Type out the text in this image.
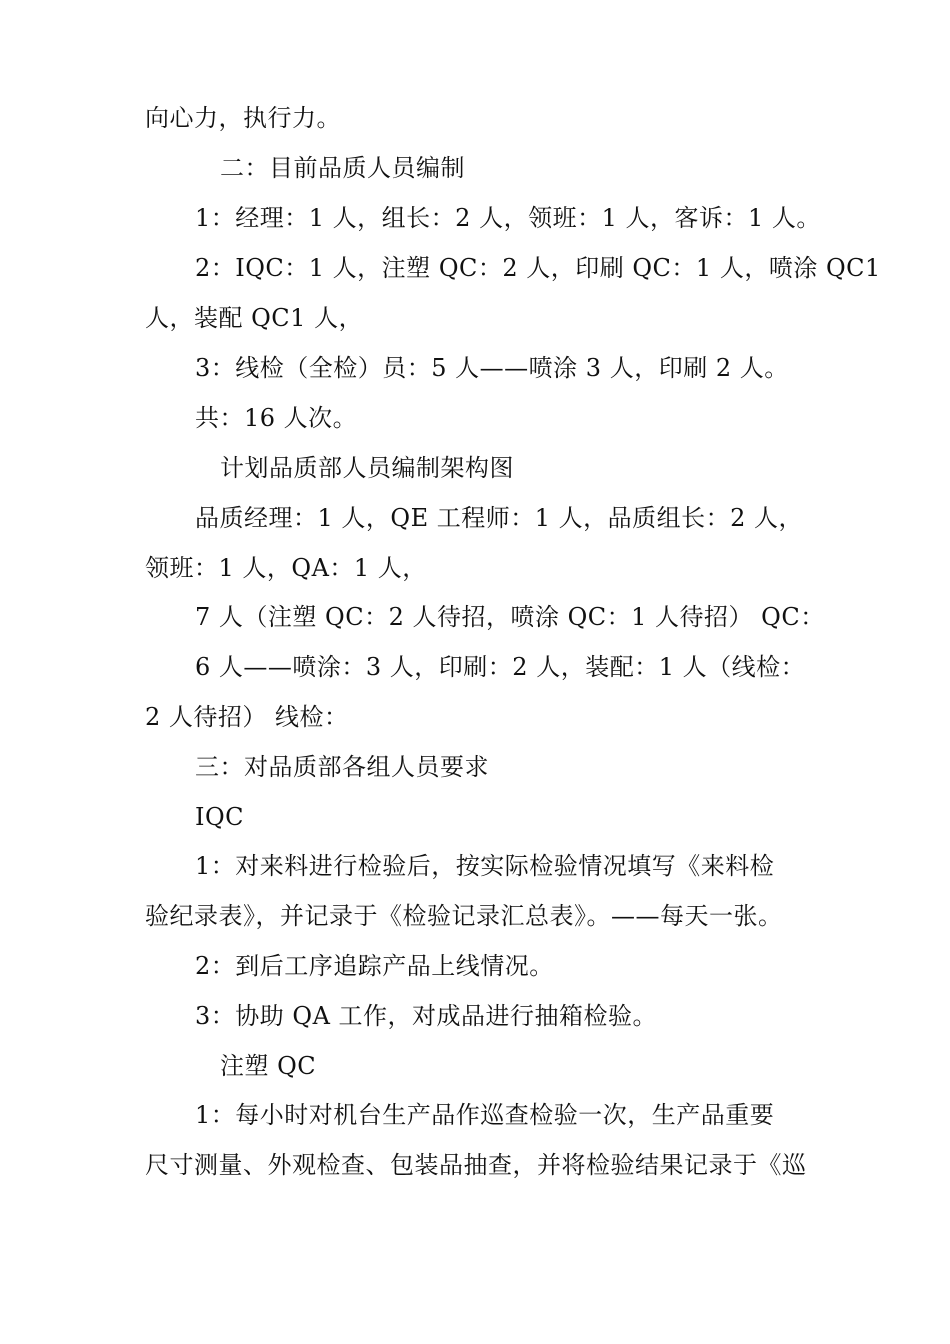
向心力，执行力。
二：目前品质人员编制
1：经理：1 人，组长：2 人，领班：1 人，客诉：1 人。
2：IQC：1 人，注塑 QC：2 人，印刷 QC：1 人，喷涂 QC1
人，装配 QC1 人，
3：线检（全检）员：5 人——喷涂 3 人，印刷 2 人。
共：16 人次。
计划品质部人员编制架构图
品质经理：1 人，QE 工程师：1 人，品质组长：2 人，
领班：1 人，QA：1 人，
7 人（注塑 QC：2 人待招，喷涂 QC：1 人待招） QC：
6 人——喷涂：3 人，印刷：2 人，装配：1 人（线检：
2 人待招） 线检：
三：对品质部各组人员要求
IQC
1：对来料进行检验后，按实际检验情况填写《来料检
验纪录表》，并记录于《检验记录汇总表》。——每天一张。
2：到后工序追踪产品上线情况。
3：协助 QA 工作，对成品进行抽箱检验。
注塑 QC
1：每小时对机台生产品作巡查检验一次，生产品重要
尺寸测量、外观检查、包装品抽查，并将检验结果记录于《巡
